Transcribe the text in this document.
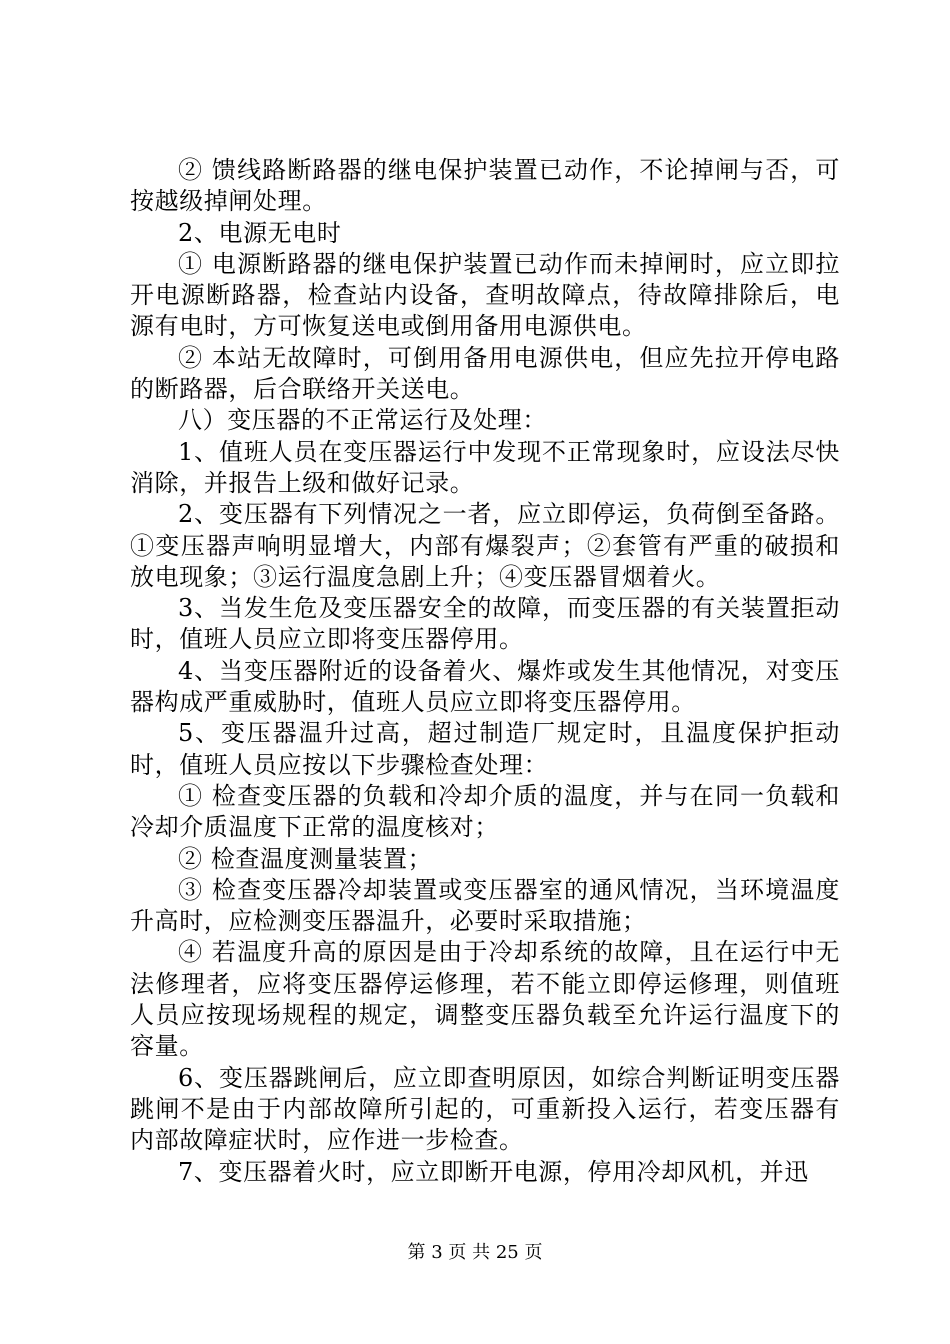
② 馈线路断路器的继电保护装置已动作，不论掉闸与否，可按越级掉闸处理。

2、电源无电时

① 电源断路器的继电保护装置已动作而未掉闸时，应立即拉开电源断路器，检查站内设备，查明故障点，待故障排除后，电源有电时，方可恢复送电或倒用备用电源供电。

② 本站无故障时，可倒用备用电源供电，但应先拉开停电路的断路器，后合联络开关送电。

八）变压器的不正常运行及处理：

1、值班人员在变压器运行中发现不正常现象时，应设法尽快消除，并报告上级和做好记录。

2、变压器有下列情况之一者，应立即停运，负荷倒至备路。①变压器声响明显增大，内部有爆裂声；②套管有严重的破损和放电现象；③运行温度急剧上升；④变压器冒烟着火。

3、当发生危及变压器安全的故障，而变压器的有关装置拒动时，值班人员应立即将变压器停用。

4、当变压器附近的设备着火、爆炸或发生其他情况，对变压器构成严重威胁时，值班人员应立即将变压器停用。

5、变压器温升过高，超过制造厂规定时，且温度保护拒动时，值班人员应按以下步骤检查处理：

① 检查变压器的负载和冷却介质的温度，并与在同一负载和冷却介质温度下正常的温度核对；

② 检查温度测量装置；

③ 检查变压器冷却装置或变压器室的通风情况，当环境温度升高时，应检测变压器温升，必要时采取措施；

④ 若温度升高的原因是由于冷却系统的故障，且在运行中无法修理者，应将变压器停运修理，若不能立即停运修理，则值班人员应按现场规程的规定，调整变压器负载至允许运行温度下的容量。

6、变压器跳闸后，应立即查明原因，如综合判断证明变压器跳闸不是由于内部故障所引起的，可重新投入运行，若变压器有内部故障症状时，应作进一步检查。

7、变压器着火时，应立即断开电源，停用冷却风机，并迅

第 3 页 共 25 页
